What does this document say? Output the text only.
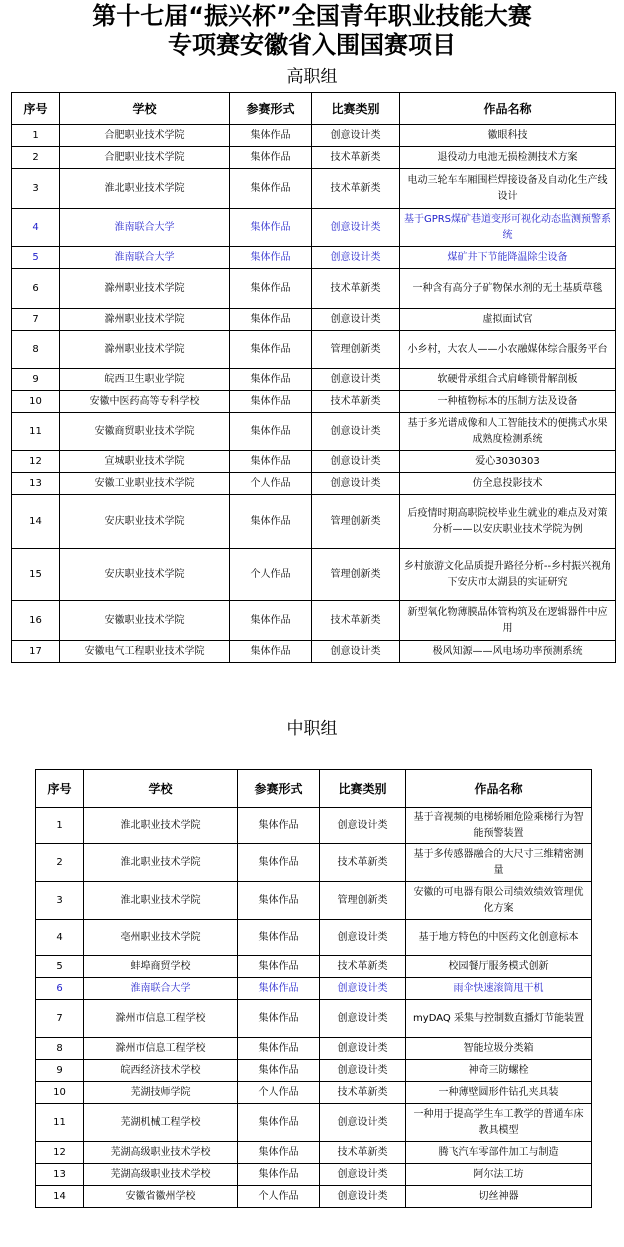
第十七届“振兴杯”全国青年职业技能大赛
专项赛安徽省入围国赛项目
高职组
序号	学校	参赛形式	比赛类别	作品名称
1	合肥职业技术学院	集体作品	创意设计类	徽眼科技
2	合肥职业技术学院	集体作品	技术革新类	退役动力电池无损检测技术方案
3	淮北职业技术学院	集体作品	技术革新类	电动三轮车车厢围栏焊接设备及自动化生产线设计
4	淮南联合大学	集体作品	创意设计类	基于GPRS煤矿巷道变形可视化动态监测预警系统
5	淮南联合大学	集体作品	创意设计类	煤矿井下节能降温除尘设备
6	滁州职业技术学院	集体作品	技术革新类	一种含有高分子矿物保水剂的无土基质草毯
7	滁州职业技术学院	集体作品	创意设计类	虚拟面试官
8	滁州职业技术学院	集体作品	管理创新类	小乡村，大农人——小农融媒体综合服务平台
9	皖西卫生职业学院	集体作品	创意设计类	软硬骨承组合式肩峰锁骨解剖板
10	安徽中医药高等专科学校	集体作品	技术革新类	一种植物标本的压制方法及设备
11	安徽商贸职业技术学院	集体作品	创意设计类	基于多光谱成像和人工智能技术的便携式水果成熟度检测系统
12	宣城职业技术学院	集体作品	创意设计类	爱心3030303
13	安徽工业职业技术学院	个人作品	创意设计类	仿全息投影技术
14	安庆职业技术学院	集体作品	管理创新类	后疫情时期高职院校毕业生就业的难点及对策分析——以安庆职业技术学院为例
15	安庆职业技术学院	个人作品	管理创新类	乡村旅游文化品质提升路径分析--乡村振兴视角下安庆市太湖县的实证研究
16	安徽职业技术学院	集体作品	技术革新类	新型氧化物薄膜晶体管构筑及在逻辑器件中应用
17	安徽电气工程职业技术学院	集体作品	创意设计类	极风知源——风电场功率预测系统
中职组
序号	学校	参赛形式	比赛类别	作品名称
1	淮北职业技术学院	集体作品	创意设计类	基于音视频的电梯轿厢危险乘梯行为智能预警装置
2	淮北职业技术学院	集体作品	技术革新类	基于多传感器融合的大尺寸三维精密测量
3	淮北职业技术学院	集体作品	管理创新类	安徽的可电器有限公司绩效绩效管理优化方案
4	亳州职业技术学院	集体作品	创意设计类	基于地方特色的中医药文化创意标本
5	蚌埠商贸学校	集体作品	技术革新类	校园餐厅服务模式创新
6	淮南联合大学	集体作品	创意设计类	雨伞快速滚筒甩干机
7	滁州市信息工程学校	集体作品	创意设计类	myDAQ 采集与控制数直播灯节能装置
8	滁州市信息工程学校	集体作品	创意设计类	智能垃圾分类箱
9	皖西经济技术学校	集体作品	创意设计类	神奇三防螺栓
10	芜湖技师学院	个人作品	技术革新类	一种薄壁圆形件钻孔夹具装
11	芜湖机械工程学校	集体作品	创意设计类	一种用于提高学生车工教学的普通车床教具模型
12	芜湖高级职业技术学校	集体作品	技术革新类	腾飞汽车零部件加工与制造
13	芜湖高级职业技术学校	集体作品	创意设计类	阿尔法工坊
14	安徽省徽州学校	个人作品	创意设计类	切丝神器
